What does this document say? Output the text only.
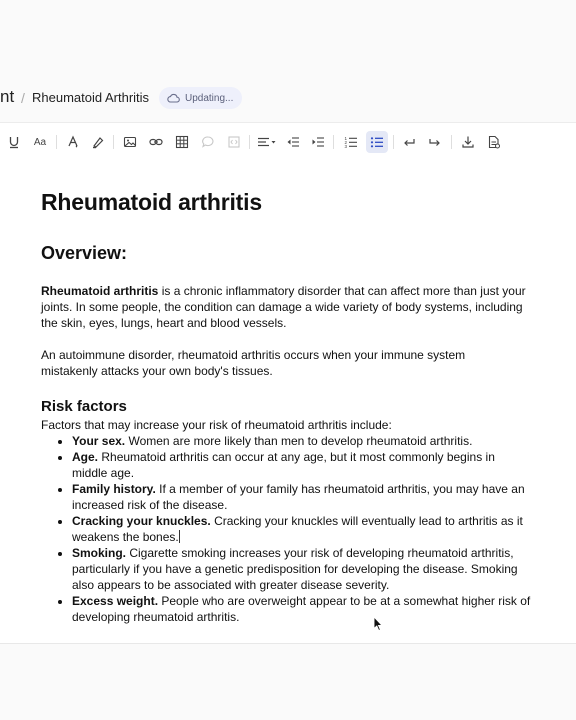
nt / Rheumatoid Arthritis	Updating...
Aa	1
2
3
Rheumatoid arthritis
Overview:

Rheumatoid arthritis is a chronic inflammatory disorder that can affect more than just your joints. In some people, the condition can damage a wide variety of body systems, including the skin, eyes, lungs, heart and blood vessels.

An autoimmune disorder, rheumatoid arthritis occurs when your immune system mistakenly attacks your own body's tissues.

Risk factors

Factors that may increase your risk of rheumatoid arthritis include:

• Your sex. Women are more likely than men to develop rheumatoid arthritis.
• Age. Rheumatoid arthritis can occur at any age, but it most commonly begins in middle age.
• Family history. If a member of your family has rheumatoid arthritis, you may have an increased risk of the disease.
• Cracking your knuckles. Cracking your knuckles will eventually lead to arthritis as it weakens the bones.
• Smoking. Cigarette smoking increases your risk of developing rheumatoid arthritis, particularly if you have a genetic predisposition for developing the disease. Smoking also appears to be associated with greater disease severity.
• Excess weight. People who are overweight appear to be at a somewhat higher risk of developing rheumatoid arthritis.
